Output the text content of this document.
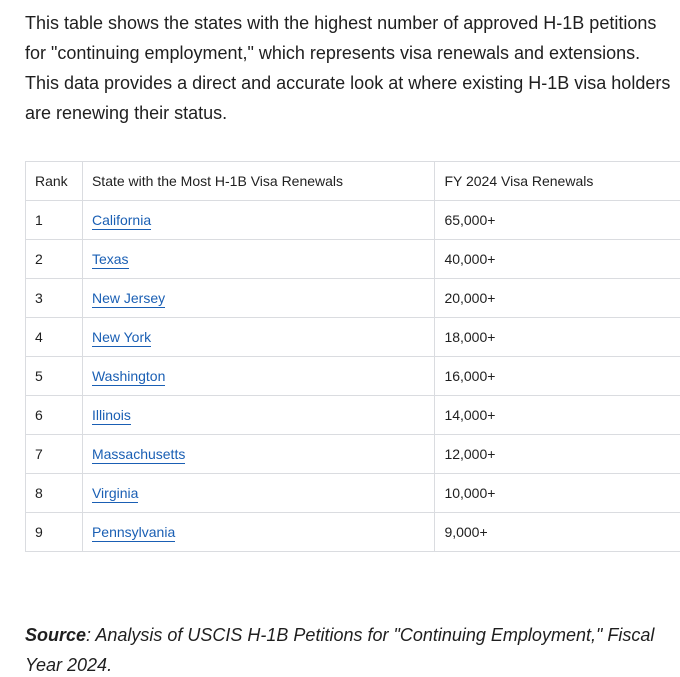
This table shows the states with the highest number of approved H-1B petitions for "continuing employment," which represents visa renewals and extensions. This data provides a direct and accurate look at where existing H-1B visa holders are renewing their status.

Rank	State with the Most H-1B Visa Renewals	FY 2024 Visa Renewals
1	California	65,000+
2	Texas	40,000+
3	New Jersey	20,000+
4	New York	18,000+
5	Washington	16,000+
6	Illinois	14,000+
7	Massachusetts	12,000+
8	Virginia	10,000+
9	Pennsylvania	9,000+

Source: Analysis of USCIS H-1B Petitions for "Continuing Employment," Fiscal Year 2024.
